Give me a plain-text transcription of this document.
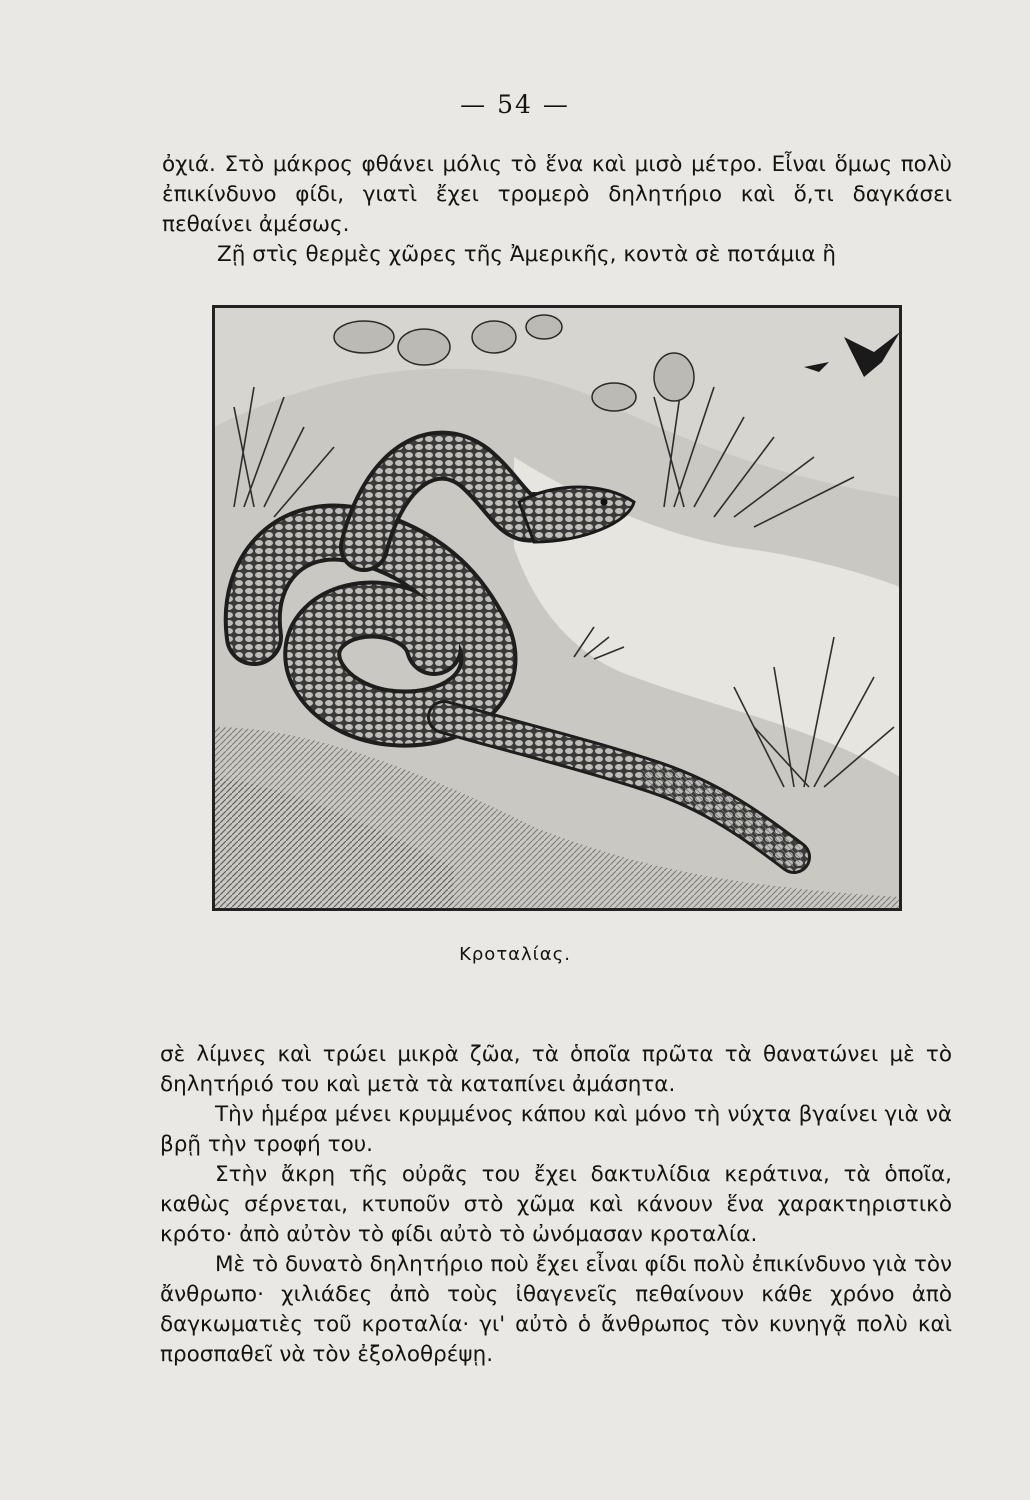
— 54 —

ὀχιά. Στὸ μάκρος φθάνει μόλις τὸ ἕνα καὶ μισὸ μέτρο. Εἶναι ὅμως πολὺ ἐπικίνδυνο φίδι, γιατὶ ἔχει τρομερὸ δηλητήριο καὶ ὅ,τι δαγκάσει πεθαίνει ἀμέσως.

Ζῇ στὶς θερμὲς χῶρες τῆς Ἀμερικῆς, κοντὰ σὲ ποτάμια ἢ

Κροταλίας.

σὲ λίμνες καὶ τρώει μικρὰ ζῶα, τὰ ὁποῖα πρῶτα τὰ θανατώνει μὲ τὸ δηλητήριό του καὶ μετὰ τὰ καταπίνει ἀμάσητα.

Τὴν ἡμέρα μένει κρυμμένος κάπου καὶ μόνο τὴ νύχτα βγαίνει γιὰ νὰ βρῇ τὴν τροφή του.

Στὴν ἄκρη τῆς οὐρᾶς του ἔχει δακτυλίδια κεράτινα, τὰ ὁποῖα, καθὼς σέρνεται, κτυποῦν στὸ χῶμα καὶ κάνουν ἕνα χαρακτηριστικὸ κρότο· ἀπὸ αὐτὸν τὸ φίδι αὐτὸ τὸ ὠνόμασαν κροταλία.

Μὲ τὸ δυνατὸ δηλητήριο ποὺ ἔχει εἶναι φίδι πολὺ ἐπικίνδυνο γιὰ τὸν ἄνθρωπο· χιλιάδες ἀπὸ τοὺς ἰθαγενεῖς πεθαίνουν κάθε χρόνο ἀπὸ δαγκωματιὲς τοῦ κροταλία· γι' αὐτὸ ὁ ἄνθρωπος τὸν κυνηγᾷ πολὺ καὶ προσπαθεῖ νὰ τὸν ἐξολοθρέψῃ.
